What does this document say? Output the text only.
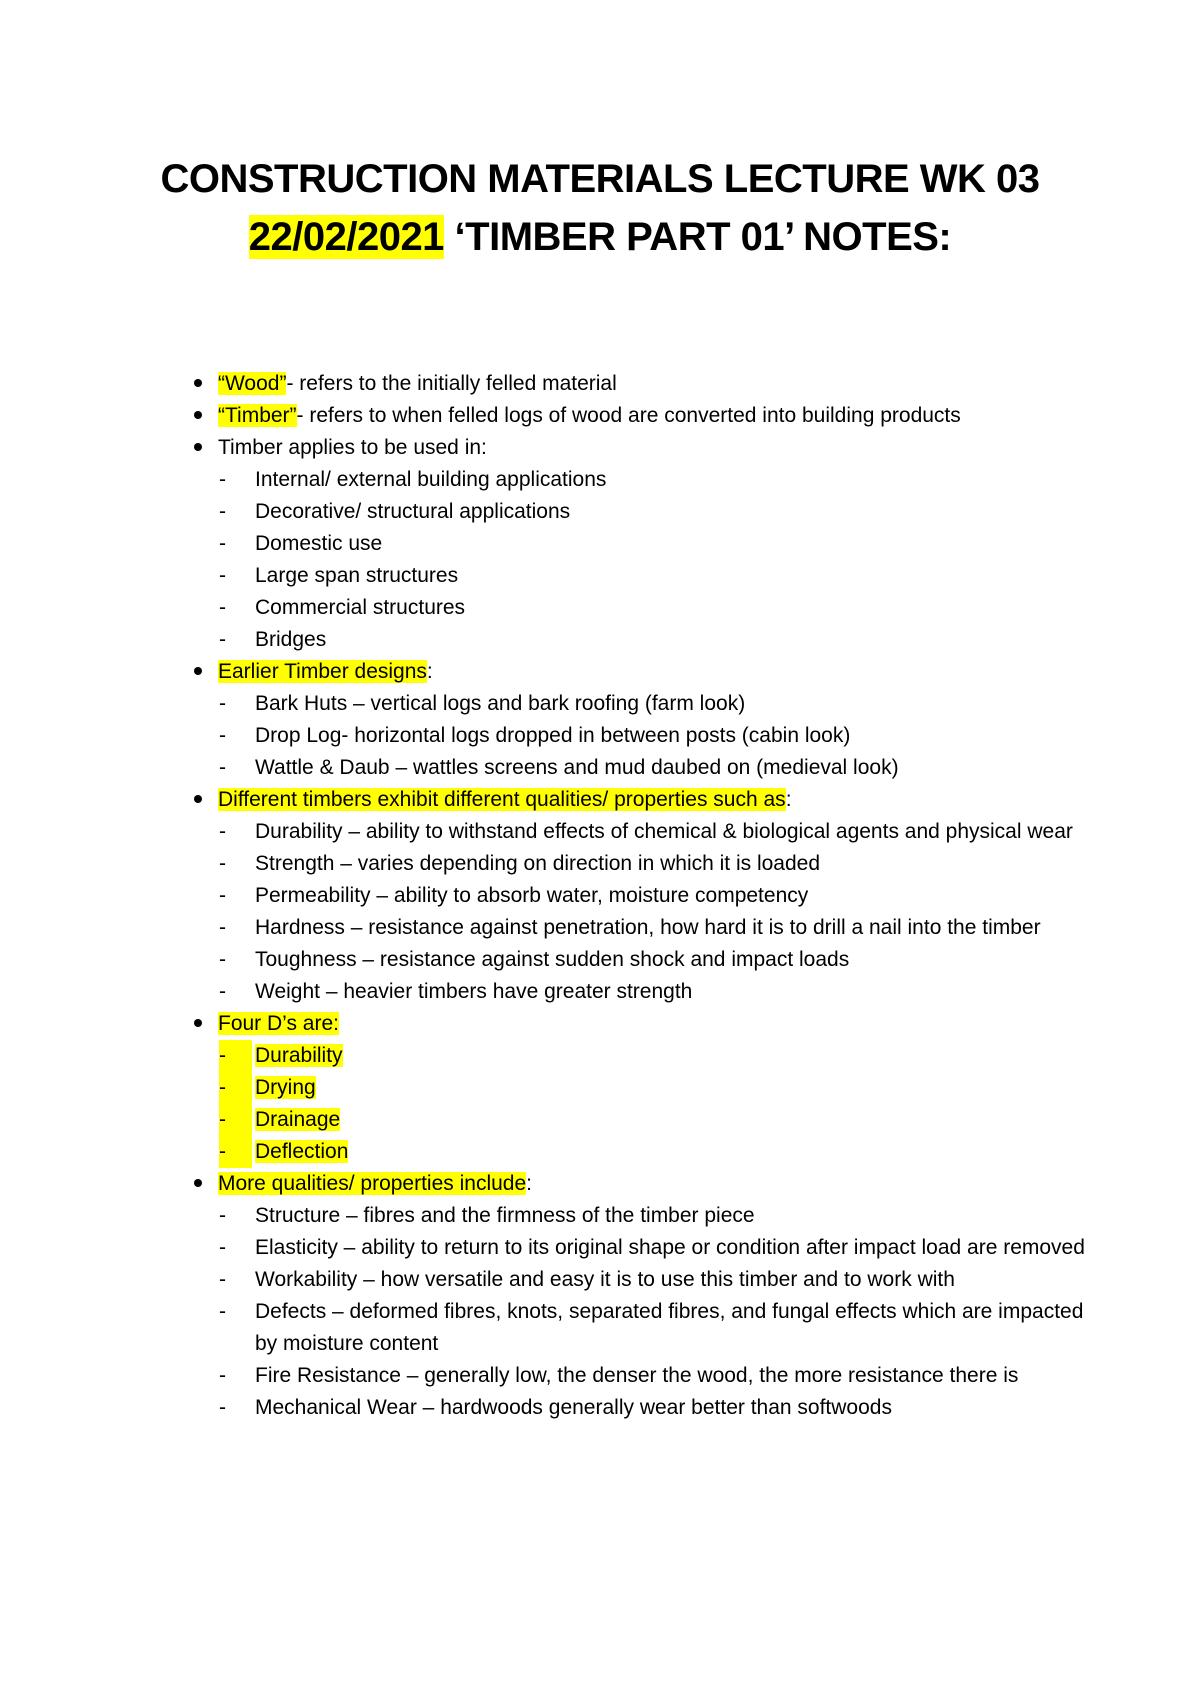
CONSTRUCTION MATERIALS LECTURE WK 03
22/02/2021 ‘TIMBER PART 01’ NOTES:
“Wood”- refers to the initially felled material
“Timber”- refers to when felled logs of wood are converted into building products
Timber applies to be used in:
-	Internal/ external building applications
-	Decorative/ structural applications
-	Domestic use
-	Large span structures
-	Commercial structures
-	Bridges
Earlier Timber designs:
-	Bark Huts – vertical logs and bark roofing (farm look)
-	Drop Log- horizontal logs dropped in between posts (cabin look)
-	Wattle & Daub – wattles screens and mud daubed on (medieval look)
Different timbers exhibit different qualities/ properties such as:
-	Durability – ability to withstand effects of chemical & biological agents and physical wear
-	Strength – varies depending on direction in which it is loaded
-	Permeability – ability to absorb water, moisture competency
-	Hardness – resistance against penetration, how hard it is to drill a nail into the timber
-	Toughness – resistance against sudden shock and impact loads
-	Weight – heavier timbers have greater strength
Four D’s are:
-	Durability
-	Drying
-	Drainage
-	Deflection
More qualities/ properties include:
-	Structure – fibres and the firmness of the timber piece
-	Elasticity – ability to return to its original shape or condition after impact load are removed
-	Workability – how versatile and easy it is to use this timber and to work with
-	Defects – deformed fibres, knots, separated fibres, and fungal effects which are impacted by moisture content
-	Fire Resistance – generally low, the denser the wood, the more resistance there is
-	Mechanical Wear – hardwoods generally wear better than softwoods
